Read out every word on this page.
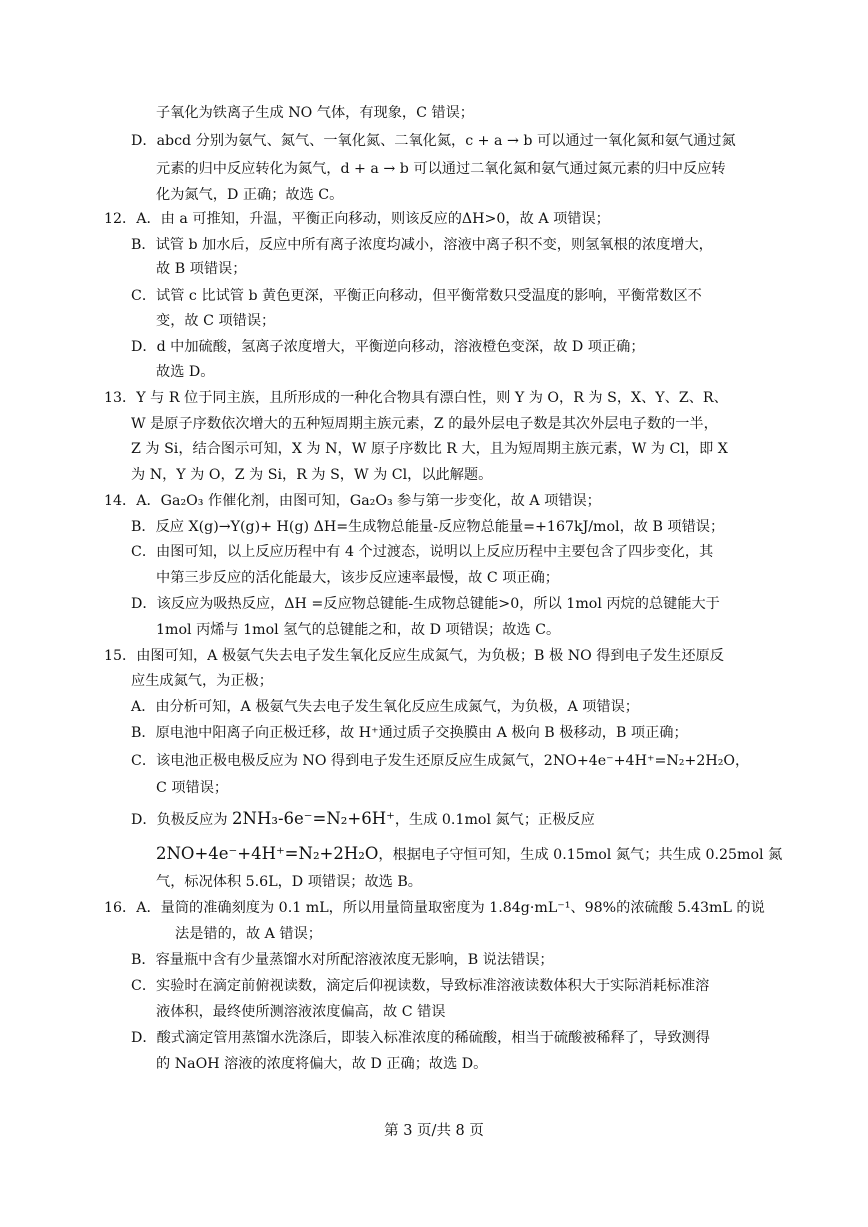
子氧化为铁离子生成 NO 气体，有现象，C 错误；
D．abcd 分别为氨气、氮气、一氧化氮、二氧化氮，c + a → b 可以通过一氧化氮和氨气通过氮
元素的归中反应转化为氮气，d + a → b 可以通过二氧化氮和氨气通过氮元素的归中反应转
化为氮气，D 正确；故选 C。
12．A．由 a 可推知，升温，平衡正向移动，则该反应的ΔH>0，故 A 项错误；
B．试管 b 加水后，反应中所有离子浓度均减小，溶液中离子积不变，则氢氧根的浓度增大，
故 B 项错误；
C．试管 c 比试管 b 黄色更深，平衡正向移动，但平衡常数只受温度的影响，平衡常数区不
变，故 C 项错误；
D．d 中加硫酸，氢离子浓度增大，平衡逆向移动，溶液橙色变深，故 D 项正确；
故选 D。
13．Y 与 R 位于同主族，且所形成的一种化合物具有漂白性，则 Y 为 O，R 为 S，X、Y、Z、R、
W 是原子序数依次增大的五种短周期主族元素，Z 的最外层电子数是其次外层电子数的一半，
Z 为 Si，结合图示可知，X 为 N，W 原子序数比 R 大，且为短周期主族元素，W 为 Cl，即 X
为 N，Y 为 O，Z 为 Si，R 为 S，W 为 Cl，以此解题。
14．A．Ga₂O₃ 作催化剂，由图可知，Ga₂O₃ 参与第一步变化，故 A 项错误；
B．反应 X(g)→Y(g)+ H(g) ΔH=生成物总能量-反应物总能量=+167kJ/mol，故 B 项错误；
C．由图可知，以上反应历程中有 4 个过渡态，说明以上反应历程中主要包含了四步变化，其
中第三步反应的活化能最大，该步反应速率最慢，故 C 项正确；
D．该反应为吸热反应，ΔH =反应物总键能-生成物总键能>0，所以 1mol 丙烷的总键能大于
1mol 丙烯与 1mol 氢气的总键能之和，故 D 项错误；故选 C。
15．由图可知，A 极氨气失去电子发生氧化反应生成氮气，为负极；B 极 NO 得到电子发生还原反
应生成氮气，为正极；
A．由分析可知，A 极氨气失去电子发生氧化反应生成氮气，为负极，A 项错误；
B．原电池中阳离子向正极迁移，故 H⁺通过质子交换膜由 A 极向 B 极移动，B 项正确；
C．该电池正极电极反应为 NO 得到电子发生还原反应生成氮气，2NO+4e⁻+4H⁺=N₂+2H₂O，
C 项错误；
D．负极反应为 2NH₃-6e⁻=N₂+6H⁺，生成 0.1mol 氮气；正极反应
2NO+4e⁻+4H⁺=N₂+2H₂O，根据电子守恒可知，生成 0.15mol 氮气；共生成 0.25mol 氮
气，标况体积 5.6L，D 项错误；故选 B。
16．A．量筒的准确刻度为 0.1 mL，所以用量筒量取密度为 1.84g·mL⁻¹、98%的浓硫酸 5.43mL 的说
法是错的，故 A 错误；
B．容量瓶中含有少量蒸馏水对所配溶液浓度无影响，B 说法错误；
C．实验时在滴定前俯视读数，滴定后仰视读数，导致标准溶液读数体积大于实际消耗标准溶
液体积，最终使所测溶液浓度偏高，故 C 错误
D．酸式滴定管用蒸馏水洗涤后，即装入标准浓度的稀硫酸，相当于硫酸被稀释了，导致测得
的 NaOH 溶液的浓度将偏大，故 D 正确；故选 D。
第 3 页/共 8 页
